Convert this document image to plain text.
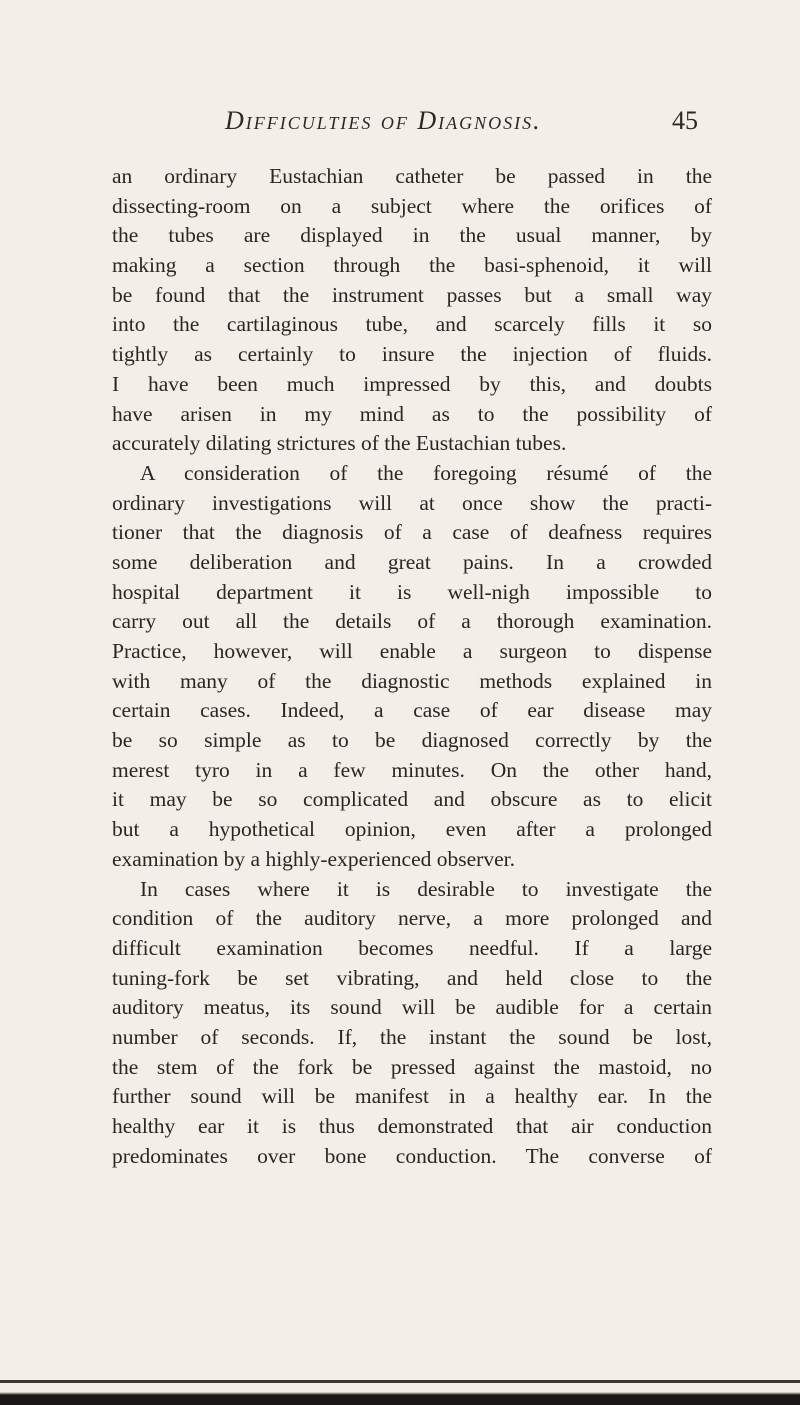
Difficulties of Diagnosis.	45
an ordinary Eustachian catheter be passed in the
dissecting-room on a subject where the orifices of
the tubes are displayed in the usual manner, by
making a section through the basi-sphenoid, it will
be found that the instrument passes but a small way
into the cartilaginous tube, and scarcely fills it so
tightly as certainly to insure the injection of fluids.
I have been much impressed by this, and doubts
have arisen in my mind as to the possibility of
accurately dilating strictures of the Eustachian tubes.
A consideration of the foregoing résumé of the
ordinary investigations will at once show the practi-
tioner that the diagnosis of a case of deafness requires
some deliberation and great pains. In a crowded
hospital department it is well-nigh impossible to
carry out all the details of a thorough examination.
Practice, however, will enable a surgeon to dispense
with many of the diagnostic methods explained in
certain cases. Indeed, a case of ear disease may
be so simple as to be diagnosed correctly by the
merest tyro in a few minutes. On the other hand,
it may be so complicated and obscure as to elicit
but a hypothetical opinion, even after a prolonged
examination by a highly-experienced observer.
In cases where it is desirable to investigate the
condition of the auditory nerve, a more prolonged and
difficult examination becomes needful. If a large
tuning-fork be set vibrating, and held close to the
auditory meatus, its sound will be audible for a certain
number of seconds. If, the instant the sound be lost,
the stem of the fork be pressed against the mastoid, no
further sound will be manifest in a healthy ear. In the
healthy ear it is thus demonstrated that air conduction
predominates over bone conduction. The converse of
